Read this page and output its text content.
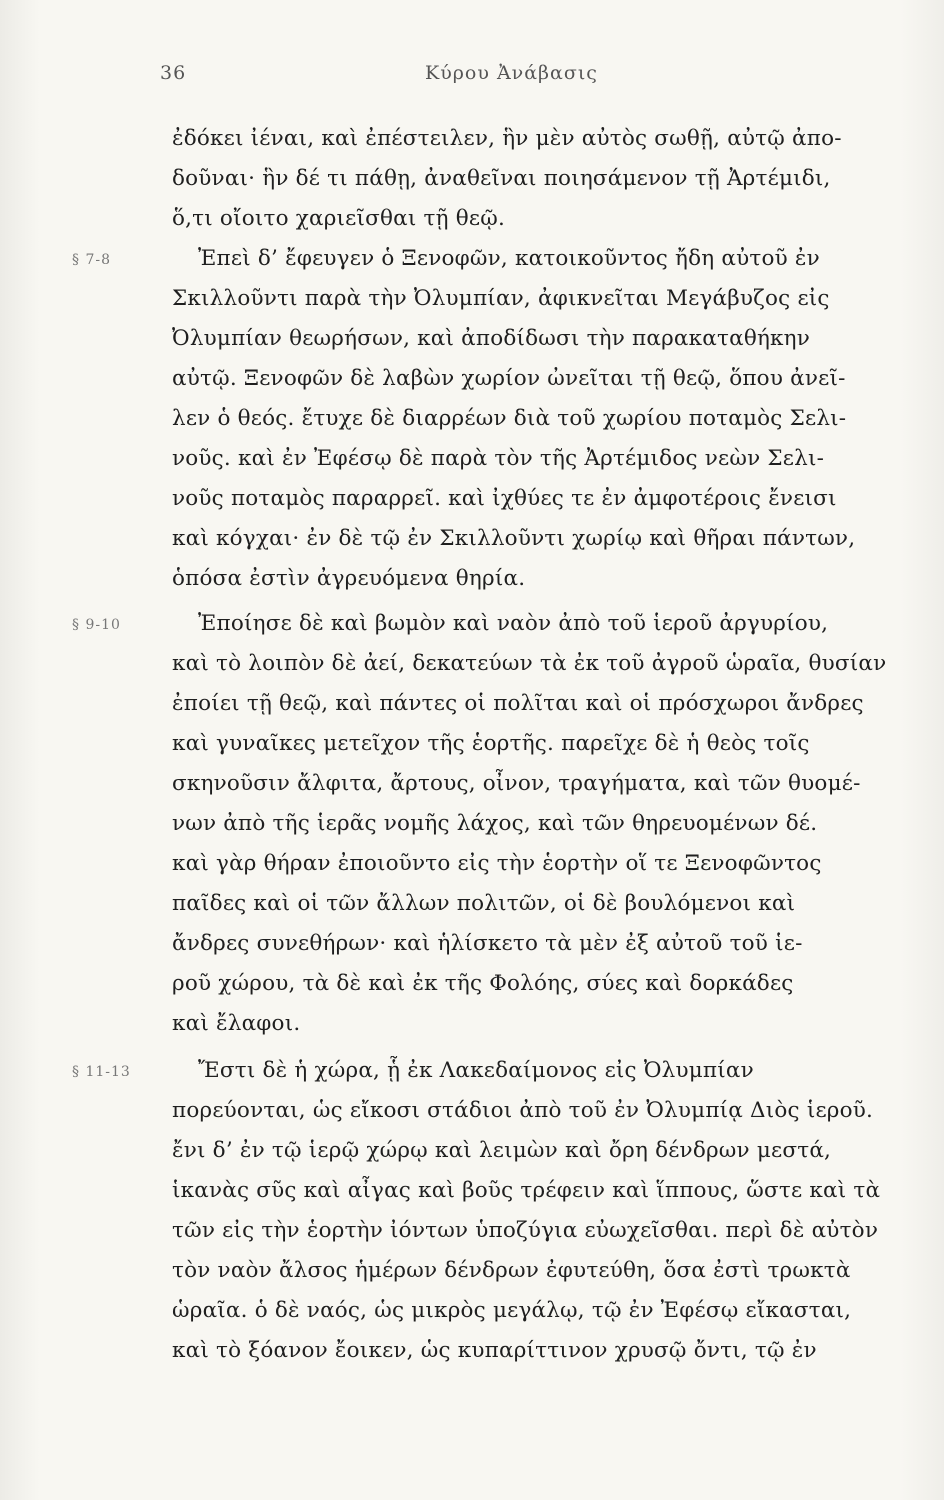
36	Κύρου Ἀνάβασις
ἐδόκει ἰέναι, καὶ ἐπέστειλεν, ἣν μὲν αὐτὸς σωθῇ, αὐτῷ ἀπο-
δοῦναι· ἣν δέ τι πάθῃ, ἀναθεῖναι ποιησάμενον τῇ Ἀρτέμιδι,
ὅ,τι οἴοιτο χαριεῖσθαι τῇ θεῷ.
§ 7-8	Ἐπεὶ δ’ ἔφευγεν ὁ Ξενοφῶν, κατοικοῦντος ἤδη αὐτοῦ ἐν
Σκιλλοῦντι παρὰ τὴν Ὀλυμπίαν, ἀφικνεῖται Μεγάβυζος εἰς
Ὀλυμπίαν θεωρήσων, καὶ ἀποδίδωσι τὴν παρακαταθήκην
αὐτῷ. Ξενοφῶν δὲ λαβὼν χωρίον ὠνεῖται τῇ θεῷ, ὅπου ἀνεῖ-
λεν ὁ θεός. ἔτυχε δὲ διαρρέων διὰ τοῦ χωρίου ποταμὸς Σελι-
νοῦς. καὶ ἐν Ἐφέσῳ δὲ παρὰ τὸν τῆς Ἀρτέμιδος νεὼν Σελι-
νοῦς ποταμὸς παραρρεῖ. καὶ ἰχθύες τε ἐν ἀμφοτέροις ἔνεισι
καὶ κόγχαι· ἐν δὲ τῷ ἐν Σκιλλοῦντι χωρίῳ καὶ θῆραι πάντων,
ὁπόσα ἐστὶν ἀγρευόμενα θηρία.
§ 9-10	Ἐποίησε δὲ καὶ βωμὸν καὶ ναὸν ἀπὸ τοῦ ἱεροῦ ἀργυρίου,
καὶ τὸ λοιπὸν δὲ ἀεί, δεκατεύων τὰ ἐκ τοῦ ἀγροῦ ὡραῖα, θυσίαν
ἐποίει τῇ θεῷ, καὶ πάντες οἱ πολῖται καὶ οἱ πρόσχωροι ἄνδρες
καὶ γυναῖκες μετεῖχον τῆς ἑορτῆς. παρεῖχε δὲ ἡ θεὸς τοῖς
σκηνοῦσιν ἄλφιτα, ἄρτους, οἶνον, τραγήματα, καὶ τῶν θυομέ-
νων ἀπὸ τῆς ἱερᾶς νομῆς λάχος, καὶ τῶν θηρευομένων δέ.
καὶ γὰρ θήραν ἐποιοῦντο εἰς τὴν ἑορτὴν οἵ τε Ξενοφῶντος
παῖδες καὶ οἱ τῶν ἄλλων πολιτῶν, οἱ δὲ βουλόμενοι καὶ
ἄνδρες συνεθήρων· καὶ ἡλίσκετο τὰ μὲν ἐξ αὐτοῦ τοῦ ἱε-
ροῦ χώρου, τὰ δὲ καὶ ἐκ τῆς Φολόης, σύες καὶ δορκάδες
καὶ ἔλαφοι.
§ 11-13	Ἔστι δὲ ἡ χώρα, ᾗ ἐκ Λακεδαίμονος εἰς Ὀλυμπίαν
πορεύονται, ὡς εἴκοσι στάδιοι ἀπὸ τοῦ ἐν Ὀλυμπίᾳ Διὸς ἱεροῦ.
ἔνι δ’ ἐν τῷ ἱερῷ χώρῳ καὶ λειμὼν καὶ ὄρη δένδρων μεστά,
ἱκανὰς σῦς καὶ αἶγας καὶ βοῦς τρέφειν καὶ ἵππους, ὥστε καὶ τὰ
τῶν εἰς τὴν ἑορτὴν ἰόντων ὑποζύγια εὐωχεῖσθαι. περὶ δὲ αὐτὸν
τὸν ναὸν ἄλσος ἡμέρων δένδρων ἐφυτεύθη, ὅσα ἐστὶ τρωκτὰ
ὡραῖα. ὁ δὲ ναός, ὡς μικρὸς μεγάλῳ, τῷ ἐν Ἐφέσῳ εἴκασται,
καὶ τὸ ξόανον ἔοικεν, ὡς κυπαρίττινον χρυσῷ ὄντι, τῷ ἐν
